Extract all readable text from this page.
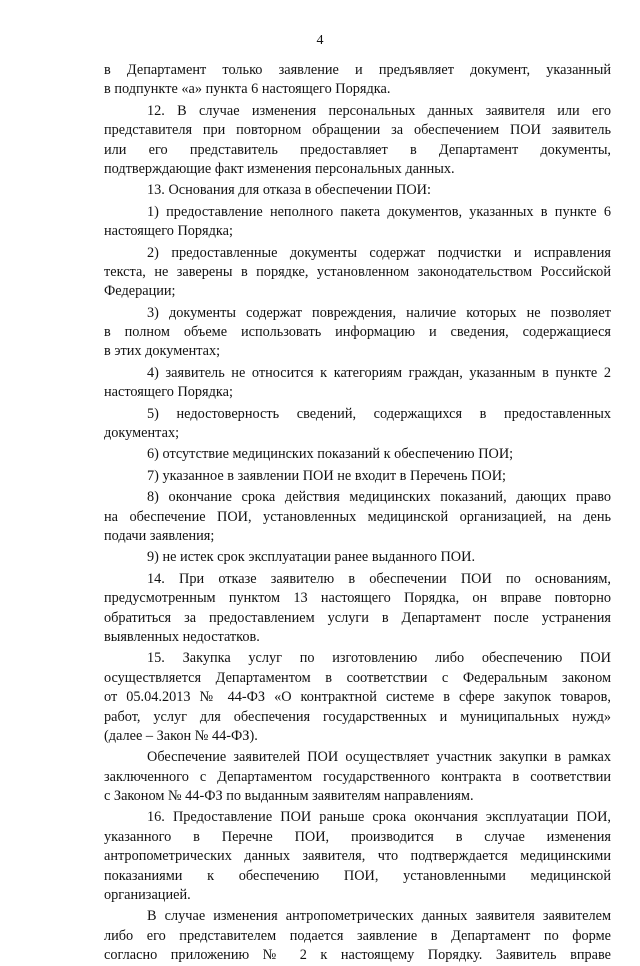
4
в Департамент только заявление и предъявляет документ, указанный
в подпункте «а» пункта 6 настоящего Порядка.
12. В случае изменения персональных данных заявителя или его
представителя при повторном обращении за обеспечением ПОИ заявитель
или его представитель предоставляет в Департамент документы,
подтверждающие факт изменения персональных данных.
13. Основания для отказа в обеспечении ПОИ:
1) предоставление неполного пакета документов, указанных в пункте 6
настоящего Порядка;
2) предоставленные документы содержат подчистки и исправления
текста, не заверены в порядке, установленном законодательством Российской
Федерации;
3) документы содержат повреждения, наличие которых не позволяет
в полном объеме использовать информацию и сведения, содержащиеся
в этих документах;
4) заявитель не относится к категориям граждан, указанным в пункте 2
настоящего Порядка;
5) недостоверность сведений, содержащихся в предоставленных
документах;
6) отсутствие медицинских показаний к обеспечению ПОИ;
7) указанное в заявлении ПОИ не входит в Перечень ПОИ;
8) окончание срока действия медицинских показаний, дающих право
на обеспечение ПОИ, установленных медицинской организацией, на день
подачи заявления;
9) не истек срок эксплуатации ранее выданного ПОИ.
14. При отказе заявителю в обеспечении ПОИ по основаниям,
предусмотренным пунктом 13 настоящего Порядка, он вправе повторно
обратиться за предоставлением услуги в Департамент после устранения
выявленных недостатков.
15. Закупка услуг по изготовлению либо обеспечению ПОИ
осуществляется Департаментом в соответствии с Федеральным законом
от 05.04.2013 № 44-ФЗ «О контрактной системе в сфере закупок товаров,
работ, услуг для обеспечения государственных и муниципальных нужд»
(далее – Закон № 44-ФЗ).
Обеспечение заявителей ПОИ осуществляет участник закупки в рамках
заключенного с Департаментом государственного контракта в соответствии
с Законом № 44-ФЗ по выданным заявителям направлениям.
16. Предоставление ПОИ раньше срока окончания эксплуатации ПОИ,
указанного в Перечне ПОИ, производится в случае изменения
антропометрических данных заявителя, что подтверждается медицинскими
показаниями к обеспечению ПОИ, установленными медицинской
организацией.
В случае изменения антропометрических данных заявителя заявителем
либо его представителем подается заявление в Департамент по форме
согласно приложению № 2 к настоящему Порядку. Заявитель вправе
